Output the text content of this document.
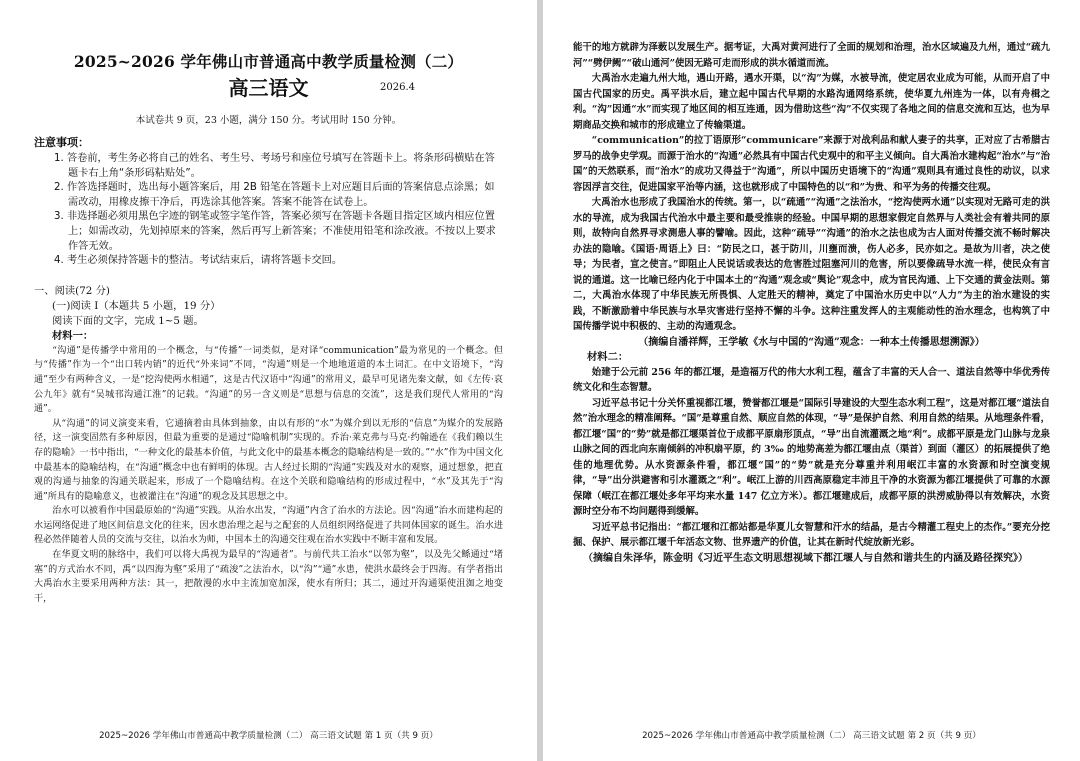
2025~2026 学年佛山市普通高中教学质量检测（二）
高三语文	2026.4
本试卷共 9 页，23 小题，满分 150 分。考试用时 150 分钟。
注意事项：
1. 答卷前，考生务必将自己的姓名、考生号、考场号和座位号填写在答题卡上。将条形码横贴在答题卡右上角“条形码粘贴处”。
2. 作答选择题时，选出每小题答案后，用 2B 铅笔在答题卡上对应题目后面的答案信息点涂黑；如需改动，用橡皮擦干净后，再选涂其他答案。答案不能答在试卷上。
3. 非选择题必须用黑色字迹的钢笔或签字笔作答，答案必须写在答题卡各题目指定区域内相应位置上；如需改动，先划掉原来的答案，然后再写上新答案；不准使用铅笔和涂改液。不按以上要求作答无效。
4. 考生必须保持答题卡的整洁。考试结束后，请将答题卡交回。
一、阅读(72 分)
(一)阅读 I（本题共 5 小题，19 分）
阅读下面的文字，完成 1~5 题。
材料一：

“沟通”是传播学中常用的一个概念，与“传播”一词类似，是对译“communication”最为常见的一个概念。但与“传播”作为一个“出口转内销”的近代“外来词”不同，“沟通”则是一个地地道道的本土词汇。在中文语境下，“沟通”至少有两种含义，一是“挖沟使两水相通”，这是古代汉语中“沟通”的常用义，最早可见诸先秦文献，如《左传·哀公九年》就有“吴城邗沟通江淮”的记载。“沟通”的另一含义则是“思想与信息的交流”，这是我们现代人常用的“沟通”。

从“沟通”的词义演变来看，它通摘着由具体到抽象，由以有形的“水”为媒介到以无形的“信息”为媒介的发展路径，这一演变固然有多种原因，但最为重要的是通过“隐喻机制”实现的。乔治·莱克弗与马克·约翰逊在《我们赖以生存的隐喻》一书中指出，“一种文化的最基本价值，与此文化中的最基本概念的隐喻结构是一致的。”“水”作为中国文化中最基本的隐喻结构，在“沟通”概念中也有鲜明的体现。古人经过长期的“沟通”实践及对水的观察，通过想象，把直观的沟通与抽象的沟通关联起来，形成了一个隐喻结构。在这个关联和隐喻结构的形成过程中，“水”及其先于“沟通”所具有的隐喻意义，也被灌注在“沟通”的观念及其思想之中。

治水可以被看作中国最原始的“沟通”实践。从治水出发，“沟通”内含了治水的方法论。因“沟通”治水而建构起的水运网络促进了地区间信息文化的往来，因水患治理之起与之配套的人员组织网络促进了共同体国家的诞生。治水进程必然伴随着人员的交流与交往，以治水为师，中国本土的沟通交往观在治水实践中不断丰富和发展。

在华夏文明的脉络中，我们可以将大禹视为最早的“沟通者”。与前代共工治水“以邻为壑”，以及先父鲧通过“堵塞”的方式治水不同，禹“以四海为壑”采用了“疏浚”之法治水，以“沟”“通”水患，使洪水最终会于四海。有学者指出大禹治水主要采用两种方法：其一，把散漫的水中主流加宽加深，使水有所归；其二，通过开沟通渠使沮洳之地变干，

2025~2026 学年佛山市普通高中教学质量检测（二） 高三语文试题 第 1 页（共 9 页）

能干的地方就辟为泽薮以发展生产。据考证，大禹对黄河进行了全面的规划和治理，治水区域遍及九州，通过“疏九河”“劈伊阙”“破山通河”使因无路可走而形成的洪水循道而流。

大禹治水走遍九州大地，遇山开路，遇水开渠，以“沟”为媒，水被导流，使定居农业成为可能，从而开启了中国古代国家的历史。禹平洪水后，建立起中国古代早期的水路沟通网络系统，使华夏九州连为一体，以有舟楫之利。“沟”因通“水”而实现了地区间的相互连通，因为借助这些“沟”不仅实现了各地之间的信息交流和互达，也为早期商品交换和城市的形成建立了传输渠道。

“communication”的拉丁语原形“communicare”来源于对战利品和献人妻子的共享，正对应了古希腊古罗马的战争史学观。而源于治水的“沟通”必然具有中国古代史观中的和平主义倾向。自大禹治水建构起“治水”与“治国”的天然联系，而“治水”的成功又得益于“沟通”，所以中国历史语境下的“沟通”观则具有通过良性的动议，以求容因浮言交往，促进国家平治等内涵，这也就形成了中国特色的以“和”为贵、和平为务的传播交往观。

大禹治水也形成了我国治水的传统。第一，以“疏通”“沟通”之法治水，“挖沟使两水通”以实现对无路可走的洪水的导流，成为我国古代治水中最主要和最受推崇的经验。中国早期的思想家假定自然界与人类社会有着共同的原则，故特向自然界寻求测患人事的譬喻。因此，这种“疏导”“沟通”的治水之法也成为古人面对传播交流不畅时解决办法的隐喻。《国语·周语上》曰：“防民之口，甚于防川，川壅而溃，伤人必多，民亦如之。是故为川者，决之使导；为民者，宣之使言。”即阻止人民说话或表达的危害胜过阻塞河川的危害，所以要像疏导水流一样，使民众有言说的通道。这一比喻已经内化于中国本土的“沟通”观念或“舆论”观念中，成为官民沟通、上下交通的黄金法则。第二，大禹治水体现了中华民族无所畏惧、人定胜天的精神，奠定了中国治水历史中以“人力”为主的治水建设的实践，不断激励着中华民族与水旱灾害进行坚持不懈的斗争。这种注重发挥人的主观能动性的治水理念，也构筑了中国传播学说中积极的、主动的沟通观念。

（摘编自潘祥辉，王学敏《水与中国的“沟通”观念：一种本土传播思想溯源》）

材料二：

始建于公元前 256 年的都江堰，是造福万代的伟大水利工程，蕴含了丰富的天人合一、道法自然等中华优秀传统文化和生态智慧。

习近平总书记十分关怀重视都江堰，赞誉都江堰是“国际引导建设的大型生态水利工程”，这是对都江堰“道法自然”治水理念的精准阐释。“国”是尊重自然、顺应自然的体现，“导”是保护自然、利用自然的结果。从地理条件看，都江堰“国”的“势”就是都江堰渠首位于成都平原扇形顶点，“导”出自流灌溉之地“利”。成都平原是龙门山脉与龙泉山脉之间的西北向东南倾斜的冲积扇平原，约 3‰ 的地势高差为都江堰由点（渠首）到面（灌区）的拓展提供了绝佳的地理优势。从水资源条件看，都江堰“国”的“势”就是充分尊重并利用岷江丰富的水资源和时空演变规律，“导”出分洪避害和引水灌溉之“利”。岷江上游的川西高原稳定丰沛且干净的水资源为都江堰提供了可靠的水源保障（岷江在都江堰处多年平均来水量 147 亿立方米）。都江堰建成后，成都平原的洪涝威胁得以有效解决，水资源时空分布不均问题得到缓解。

习近平总书记指出：“都江堰和江都站都是华夏儿女智慧和汗水的结晶，是古今精灌工程史上的杰作。”要充分挖掘、保护、展示都江堰千年活态文物、世界遗产的价值，让其在新时代绽放新光彩。

（摘编自朱泽华，陈金明《习近平生态文明思想视域下都江堰人与自然和谐共生的内涵及路径探究》）

2025~2026 学年佛山市普通高中教学质量检测（二） 高三语文试题 第 2 页（共 9 页）
